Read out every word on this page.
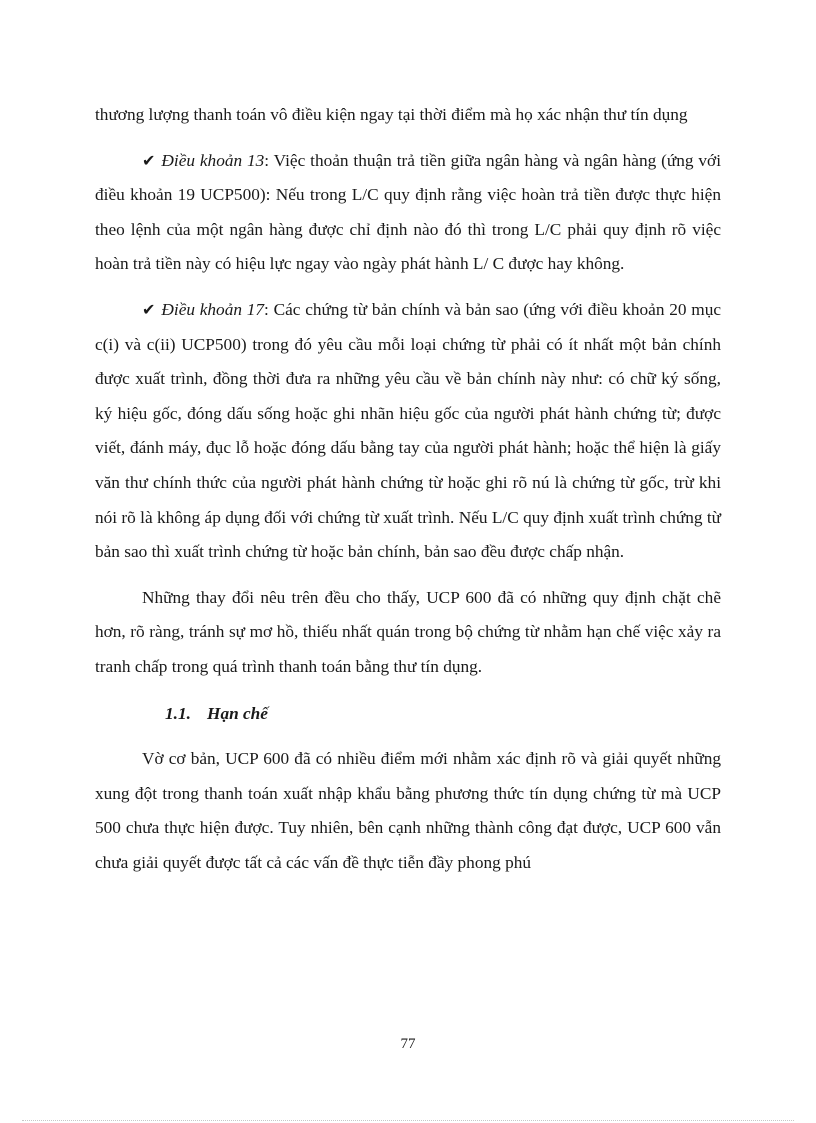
thương lượng thanh toán vô điều kiện ngay tại thời điểm mà họ xác nhận thư tín dụng

✔ Điều khoản 13: Việc thoản thuận trả tiền giữa ngân hàng và ngân hàng (ứng với điều khoản 19 UCP500): Nếu trong L/C quy định rằng việc hoàn trả tiền được thực hiện theo lệnh của một ngân hàng được chỉ định nào đó thì trong L/C phải quy định rõ việc hoàn trả tiền này có hiệu lực ngay vào ngày phát hành L/ C được hay không.

✔ Điều khoản 17: Các chứng từ bản chính và bản sao (ứng với điều khoản 20 mục c(i) và c(ii) UCP500) trong đó yêu cầu mỗi loại chứng từ phải có ít nhất một bản chính được xuất trình, đồng thời đưa ra những yêu cầu về bản chính này như: có chữ ký sống, ký hiệu gốc, đóng dấu sống hoặc ghi nhãn hiệu gốc của người phát hành chứng từ; được viết, đánh máy, đục lỗ hoặc đóng dấu bằng tay của người phát hành; hoặc thể hiện là giấy văn thư chính thức của người phát hành chứng từ hoặc ghi rõ nú là chứng từ gốc, trừ khi nói rõ là không áp dụng đối với chứng từ xuất trình. Nếu L/C quy định xuất trình chứng từ bản sao thì xuất trình chứng từ hoặc bản chính, bản sao đều được chấp nhận.

Những thay đổi nêu trên đều cho thấy, UCP 600 đã có những quy định chặt chẽ hơn, rõ ràng, tránh sự mơ hồ, thiếu nhất quán trong bộ chứng từ nhằm hạn chế việc xảy ra tranh chấp trong quá trình thanh toán bằng thư tín dụng.

1.1. Hạn chế

Vờ cơ bản, UCP 600 đã có nhiều điểm mới nhằm xác định rõ và giải quyết những xung đột trong thanh toán xuất nhập khẩu bằng phương thức tín dụng chứng từ mà UCP 500 chưa thực hiện được. Tuy nhiên, bên cạnh những thành công đạt được, UCP 600 vẫn chưa giải quyết được tất cả các vấn đề thực tiễn đầy phong phú

77
